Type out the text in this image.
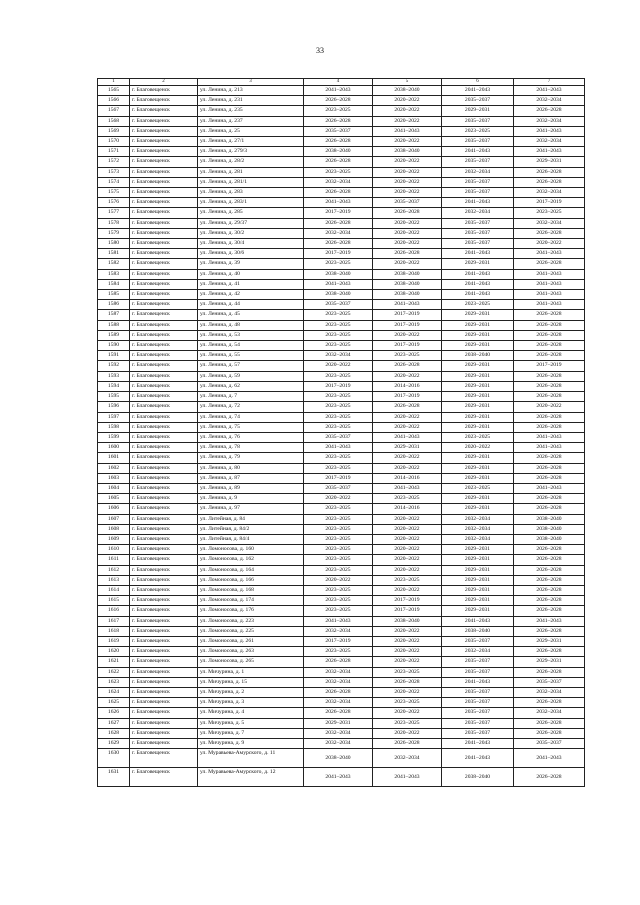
33
1	2	3	4	5	6	7
1565	г. Благовещенск	ул. Ленина, д. 213	2041–2043	2038–2040	2041–2043	2041–2043
1566	г. Благовещенск	ул. Ленина, д. 231	2026–2028	2020–2022	2035–2037	2032–2034
1567	г. Благовещенск	ул. Ленина, д. 235	2023–2025	2020–2022	2029–2031	2026–2028
1568	г. Благовещенск	ул. Ленина, д. 237	2026–2028	2020–2022	2035–2037	2032–2034
1569	г. Благовещенск	ул. Ленина, д. 25	2035–2037	2041–2043	2023–2025	2041–2043
1570	г. Благовещенск	ул. Ленина, д. 27/1	2026–2028	2020–2022	2035–2037	2032–2034
1571	г. Благовещенск	ул. Ленина, д. 279/3	2038–2040	2038–2040	2041–2043	2041–2043
1572	г. Благовещенск	ул. Ленина, д. 28/2	2026–2028	2020–2022	2035–2037	2029–2031
1573	г. Благовещенск	ул. Ленина, д. 281	2023–2025	2020–2022	2032–2034	2026–2028
1574	г. Благовещенск	ул. Ленина, д. 281/1	2032–2034	2020–2022	2035–2037	2026–2028
1575	г. Благовещенск	ул. Ленина, д. 283	2026–2028	2020–2022	2035–2037	2032–2034
1576	г. Благовещенск	ул. Ленина, д. 283/1	2041–2043	2035–2037	2041–2043	2017–2019
1577	г. Благовещенск	ул. Ленина, д. 285	2017–2019	2026–2028	2032–2034	2023–2025
1578	г. Благовещенск	ул. Ленина, д. 29/37	2026–2028	2020–2022	2035–2037	2032–2034
1579	г. Благовещенск	ул. Ленина, д. 30/2	2032–2034	2020–2022	2035–2037	2026–2028
1580	г. Благовещенск	ул. Ленина, д. 30/4	2026–2028	2020–2022	2035–2037	2020–2022
1581	г. Благовещенск	ул. Ленина, д. 30/6	2017–2019	2026–2028	2041–2043	2041–2043
1582	г. Благовещенск	ул. Ленина, д. 39	2023–2025	2020–2022	2029–2031	2026–2028
1583	г. Благовещенск	ул. Ленина, д. 40	2038–2040	2038–2040	2041–2043	2041–2043
1584	г. Благовещенск	ул. Ленина, д. 41	2041–2043	2038–2040	2041–2043	2041–2043
1585	г. Благовещенск	ул. Ленина, д. 42	2038–2040	2038–2040	2041–2043	2041–2043
1586	г. Благовещенск	ул. Ленина, д. 44	2035–2037	2041–2043	2023–2025	2041–2043
1587	г. Благовещенск	ул. Ленина, д. 45	2023–2025	2017–2019	2029–2031	2026–2028
1588	г. Благовещенск	ул. Ленина, д. 48	2023–2025	2017–2019	2029–2031	2026–2028
1589	г. Благовещенск	ул. Ленина, д. 53	2023–2025	2020–2022	2029–2031	2026–2028
1590	г. Благовещенск	ул. Ленина, д. 54	2023–2025	2017–2019	2029–2031	2026–2028
1591	г. Благовещенск	ул. Ленина, д. 55	2032–2034	2023–2025	2038–2040	2026–2028
1592	г. Благовещенск	ул. Ленина, д. 57	2020–2022	2026–2028	2029–2031	2017–2019
1593	г. Благовещенск	ул. Ленина, д. 59	2023–2025	2020–2022	2029–2031	2026–2028
1594	г. Благовещенск	ул. Ленина, д. 62	2017–2019	2014–2016	2029–2031	2026–2028
1595	г. Благовещенск	ул. Ленина, д. 7	2023–2025	2017–2019	2029–2031	2026–2028
1596	г. Благовещенск	ул. Ленина, д. 72	2023–2025	2026–2028	2029–2031	2020–2022
1597	г. Благовещенск	ул. Ленина, д. 74	2023–2025	2020–2022	2029–2031	2026–2028
1598	г. Благовещенск	ул. Ленина, д. 75	2023–2025	2020–2022	2029–2031	2026–2028
1599	г. Благовещенск	ул. Ленина, д. 76	2035–2037	2041–2043	2023–2025	2041–2043
1600	г. Благовещенск	ул. Ленина, д. 78	2041–2043	2029–2031	2020–2022	2041–2043
1601	г. Благовещенск	ул. Ленина, д. 79	2023–2025	2020–2022	2029–2031	2026–2028
1602	г. Благовещенск	ул. Ленина, д. 80	2023–2025	2020–2022	2029–2031	2026–2028
1603	г. Благовещенск	ул. Ленина, д. 87	2017–2019	2014–2016	2029–2031	2026–2028
1604	г. Благовещенск	ул. Ленина, д. 89	2035–2037	2041–2043	2023–2025	2041–2043
1605	г. Благовещенск	ул. Ленина, д. 9	2020–2022	2023–2025	2029–2031	2026–2028
1606	г. Благовещенск	ул. Ленина, д. 97	2023–2025	2014–2016	2029–2031	2026–2028
1607	г. Благовещенск	ул. Литейная, д. 84	2023–2025	2020–2022	2032–2034	2038–2040
1608	г. Благовещенск	ул. Литейная, д. 84/2	2023–2025	2020–2022	2032–2034	2038–2040
1609	г. Благовещенск	ул. Литейная, д. 84/4	2023–2025	2020–2022	2032–2034	2038–2040
1610	г. Благовещенск	ул. Ломоносова, д. 160	2023–2025	2020–2022	2029–2031	2026–2028
1611	г. Благовещенск	ул. Ломоносова, д. 162	2023–2025	2020–2022	2029–2031	2026–2028
1612	г. Благовещенск	ул. Ломоносова, д. 164	2023–2025	2020–2022	2029–2031	2026–2028
1613	г. Благовещенск	ул. Ломоносова, д. 166	2020–2022	2023–2025	2029–2031	2026–2028
1614	г. Благовещенск	ул. Ломоносова, д. 168	2023–2025	2020–2022	2029–2031	2026–2028
1615	г. Благовещенск	ул. Ломоносова, д. 174	2023–2025	2017–2019	2029–2031	2026–2028
1616	г. Благовещенск	ул. Ломоносова, д. 176	2023–2025	2017–2019	2029–2031	2026–2028
1617	г. Благовещенск	ул. Ломоносова, д. 223	2041–2043	2038–2040	2041–2043	2041–2043
1618	г. Благовещенск	ул. Ломоносова, д. 225	2032–2034	2020–2022	2038–2040	2026–2028
1619	г. Благовещенск	ул. Ломоносова, д. 261	2017–2019	2020–2022	2035–2037	2029–2031
1620	г. Благовещенск	ул. Ломоносова, д. 263	2023–2025	2020–2022	2032–2034	2026–2028
1621	г. Благовещенск	ул. Ломоносова, д. 265	2026–2028	2020–2022	2035–2037	2029–2031
1622	г. Благовещенск	ул. Мичурина, д. 1	2032–2034	2023–2025	2035–2037	2026–2028
1623	г. Благовещенск	ул. Мичурина, д. 15	2032–2034	2026–2028	2041–2043	2035–2037
1624	г. Благовещенск	ул. Мичурина, д. 2	2026–2028	2020–2022	2035–2037	2032–2034
1625	г. Благовещенск	ул. Мичурина, д. 3	2032–2034	2023–2025	2035–2037	2026–2028
1626	г. Благовещенск	ул. Мичурина, д. 4	2026–2028	2020–2022	2035–2037	2032–2034
1627	г. Благовещенск	ул. Мичурина, д. 5	2029–2031	2023–2025	2035–2037	2026–2028
1628	г. Благовещенск	ул. Мичурина, д. 7	2032–2034	2020–2022	2035–2037	2026–2028
1629	г. Благовещенск	ул. Мичурина, д. 9	2032–2034	2026–2028	2041–2043	2035–2037
1630	г. Благовещенск	ул. Муравьева-Амурского, д. 11	2038–2040	2032–2034	2041–2043	2041–2043
1631	г. Благовещенск	ул. Муравьева-Амурского, д. 12	2041–2043	2041–2043	2038–2040	2026–2028
